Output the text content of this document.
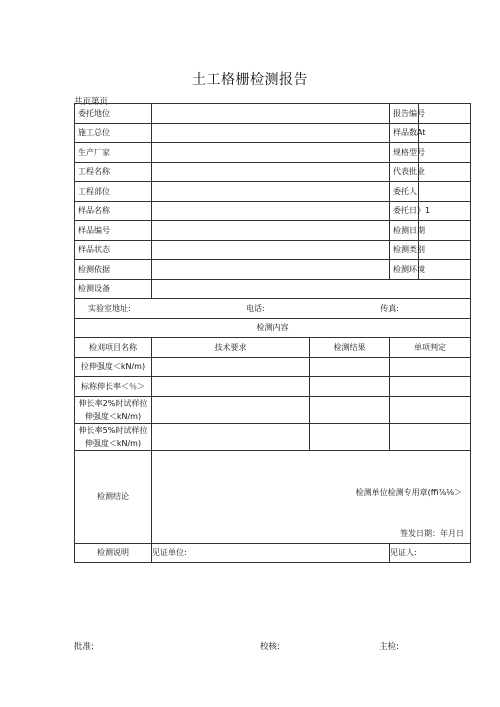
土工格栅检测报告
共页第页
委托地位			报告编号	
施工总位			样品数At	
生产厂家			规格型号	
工程名称			代表批业	
工程部位			委托人	
样品名称			委托日》1	
样品编号			检测日期	
样品状态			检测类别	
检测依据			检测环境	
检测设备				

实验室地址: 电话: 传真:				

检测内容				
检刈项目名称	技术要求	检测结果	单项判定	
拉伸强度＜kN/m)				
标称伸长率＜％＞				
伸长率2%时试样拉
伸强度＜kN/m)				
伸长率5%时试样拉
伸强度＜kN/m)				
检测结论	检测单位检测专用章(ffi⅞⅛＞
签发日期：年月日			

检测说明	见证单位:		见证人:	
批准:	校核:	主检:
